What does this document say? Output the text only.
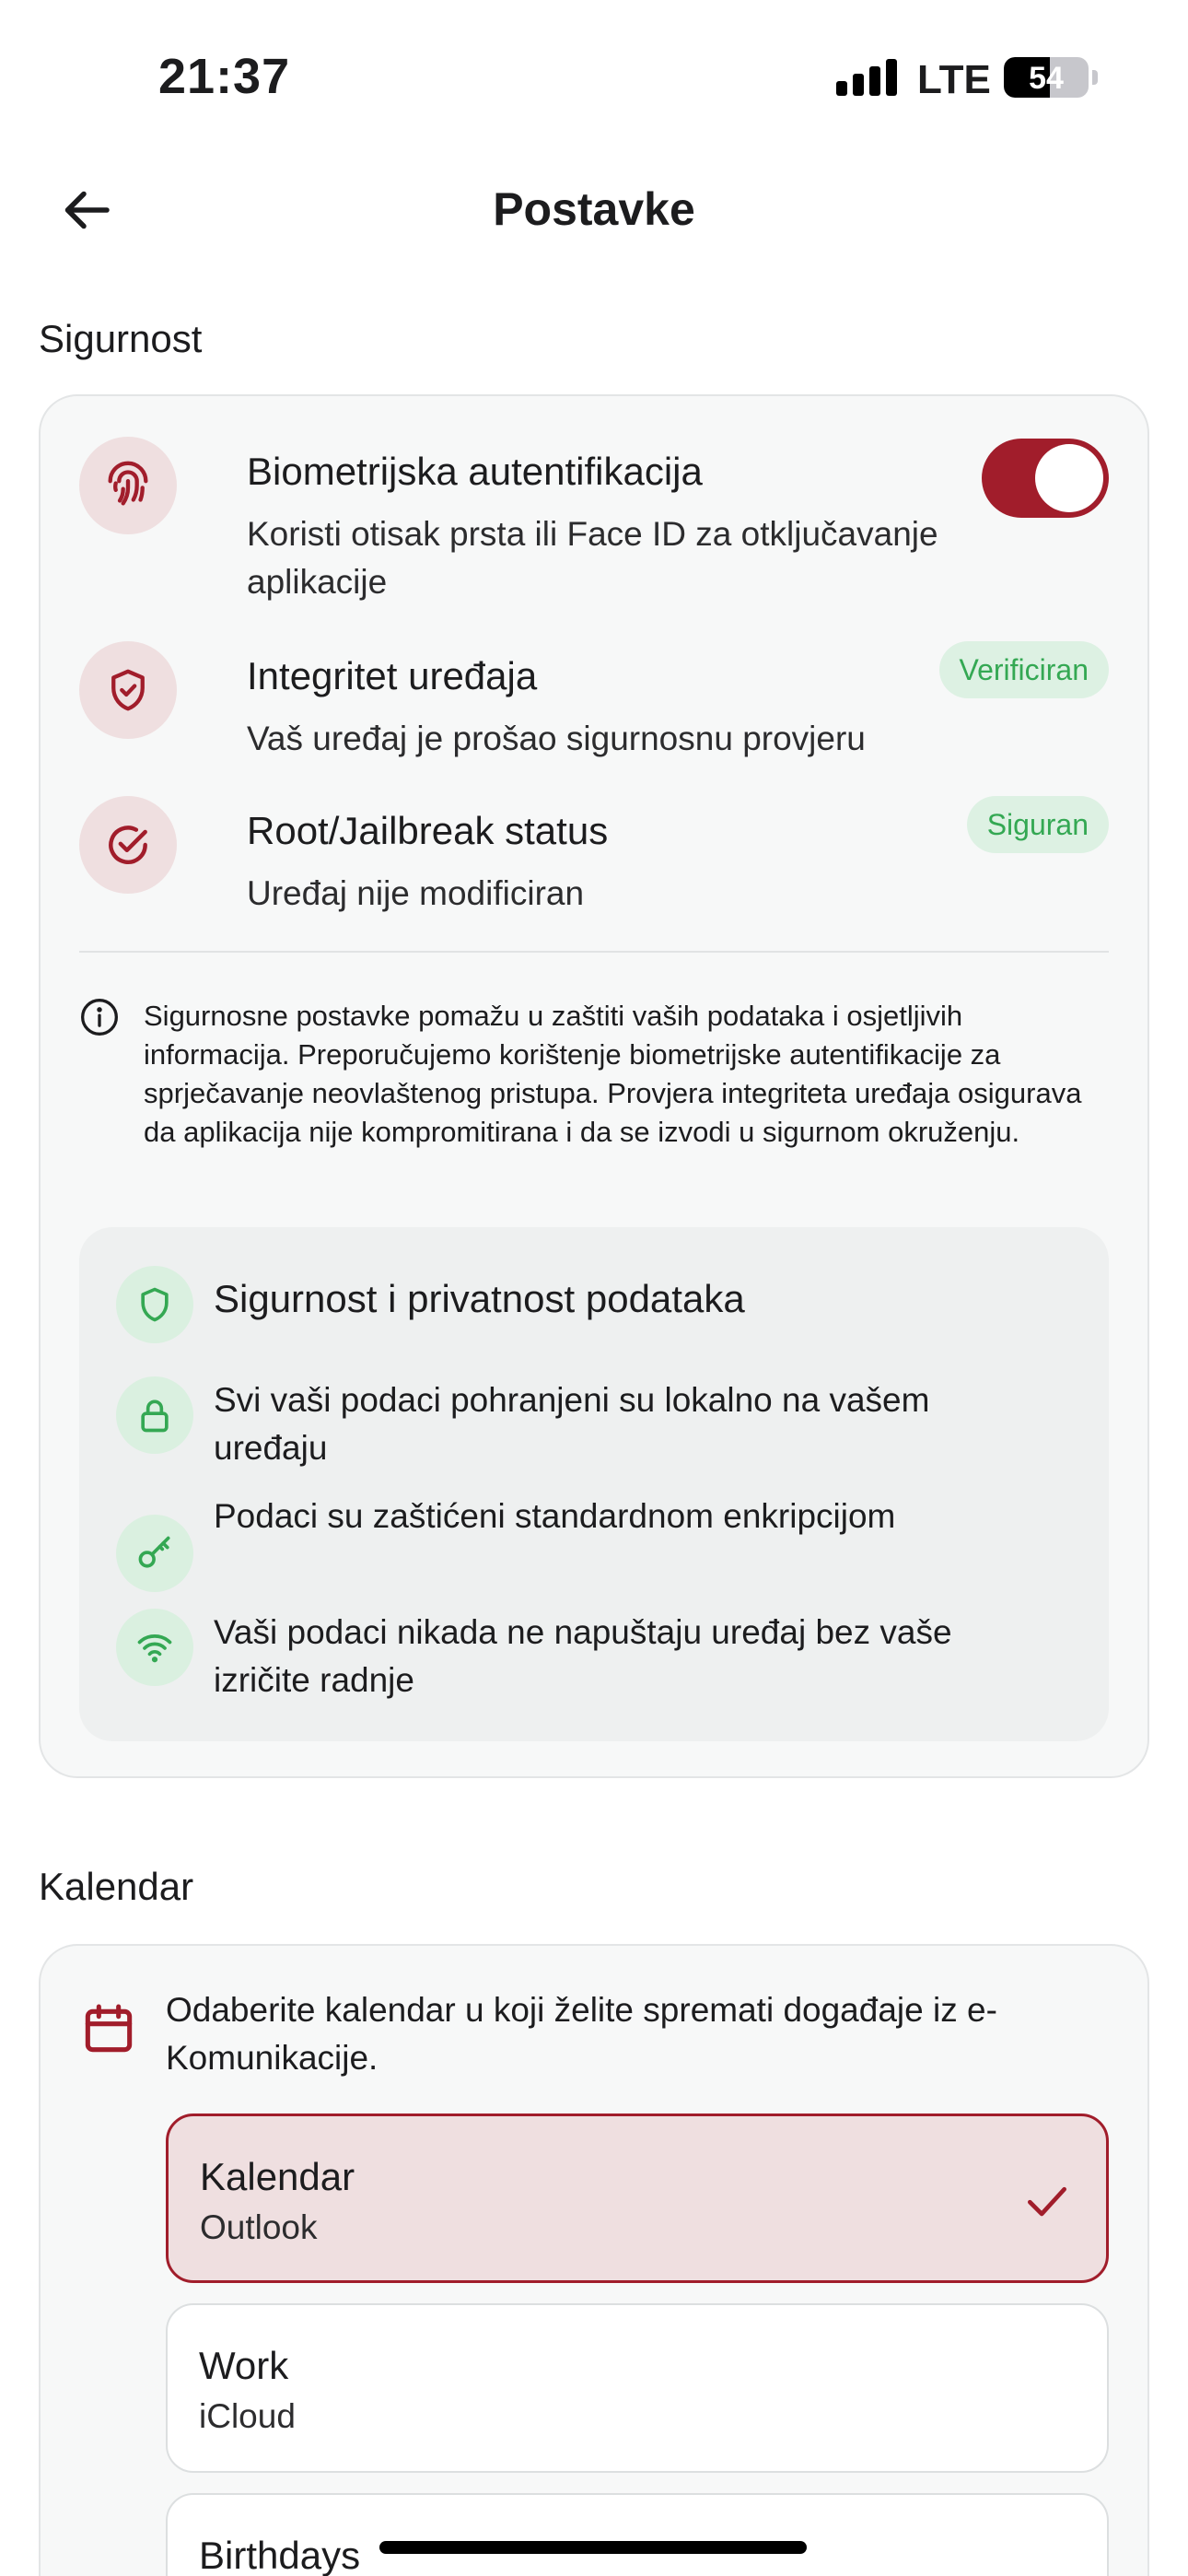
21:37	LTE	54
Postavke
Sigurnost
Biometrijska autentifikacija
Koristi otisak prsta ili Face ID za otključavanje aplikacije
Integritet uređaja
Vaš uređaj je prošao sigurnosnu provjeru
Verificiran
Root/Jailbreak status
Uređaj nije modificiran
Siguran
Sigurnosne postavke pomažu u zaštiti vaših podataka i osjetljivih informacija. Preporučujemo korištenje biometrijske autentifikacije za sprječavanje neovlaštenog pristupa. Provjera integriteta uređaja osigurava da aplikacija nije kompromitirana i da se izvodi u sigurnom okruženju.
Sigurnost i privatnost podataka
Svi vaši podaci pohranjeni su lokalno na vašem uređaju
Podaci su zaštićeni standardnom enkripcijom
Vaši podaci nikada ne napuštaju uređaj bez vaše izričite radnje
Kalendar
Odaberite kalendar u koji želite spremati događaje iz e-Komunikacije.
Kalendar
Outlook
Work
iCloud
Birthdays
